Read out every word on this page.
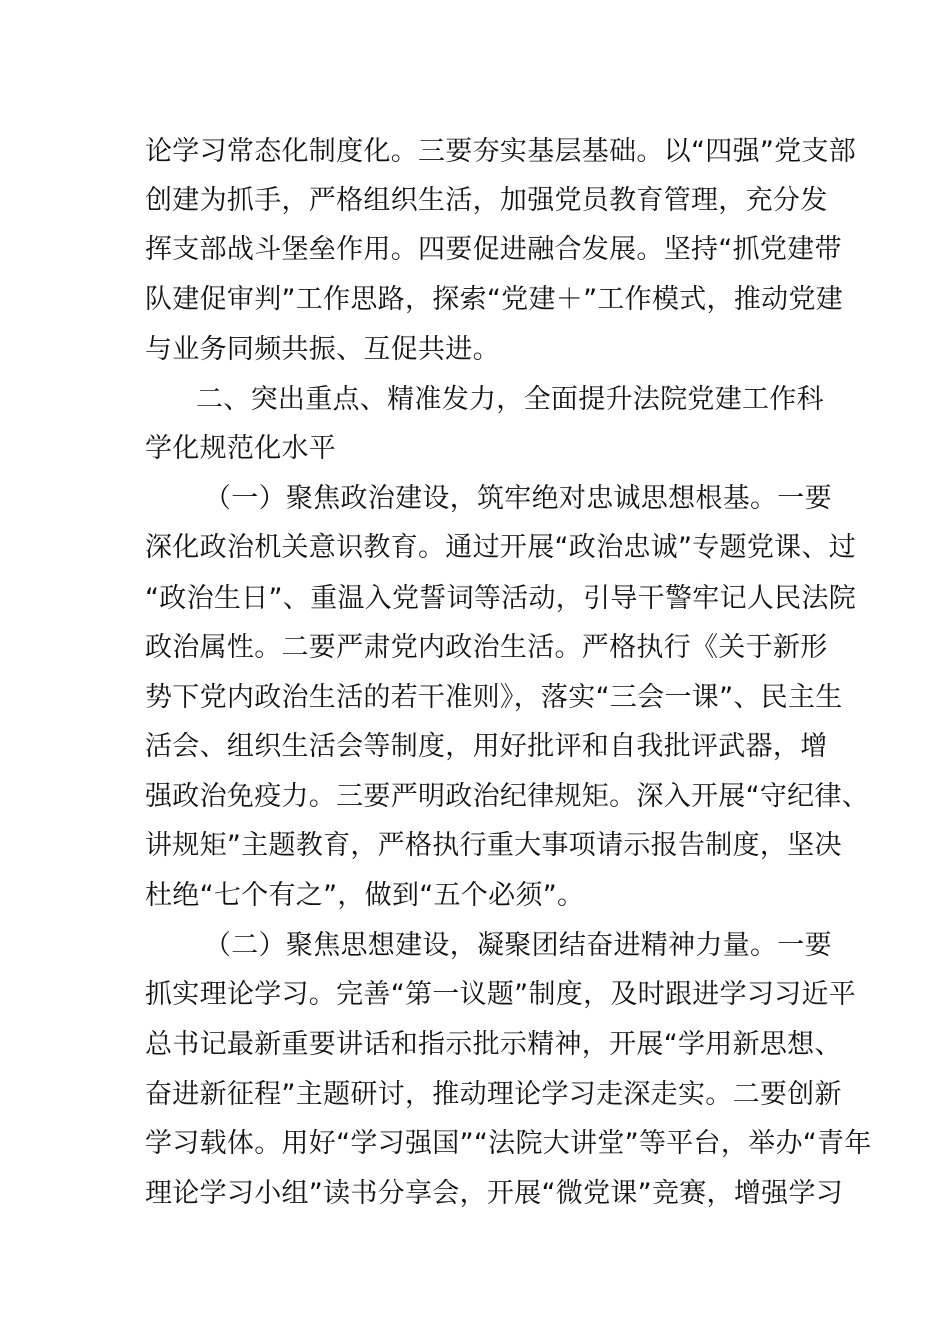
论学习常态化制度化。三要夯实基层基础。以“四强”党支部
创建为抓手，严格组织生活，加强党员教育管理，充分发
挥支部战斗堡垒作用。四要促进融合发展。坚持“抓党建带
队建促审判”工作思路，探索“党建＋”工作模式，推动党建
与业务同频共振、互促共进。
二、突出重点、精准发力，全面提升法院党建工作科
学化规范化水平
（一）聚焦政治建设，筑牢绝对忠诚思想根基。一要
深化政治机关意识教育。通过开展“政治忠诚”专题党课、过
“政治生日”、重温入党誓词等活动，引导干警牢记人民法院
政治属性。二要严肃党内政治生活。严格执行《关于新形
势下党内政治生活的若干准则》，落实“三会一课”、民主生
活会、组织生活会等制度，用好批评和自我批评武器，增
强政治免疫力。三要严明政治纪律规矩。深入开展“守纪律、
讲规矩”主题教育，严格执行重大事项请示报告制度，坚决
杜绝“七个有之”，做到“五个必须”。
（二）聚焦思想建设，凝聚团结奋进精神力量。一要
抓实理论学习。完善“第一议题”制度，及时跟进学习习近平
总书记最新重要讲话和指示批示精神，开展“学用新思想、
奋进新征程”主题研讨，推动理论学习走深走实。二要创新
学习载体。用好“学习强国”“法院大讲堂”等平台，举办“青年
理论学习小组”读书分享会，开展“微党课”竞赛，增强学习
